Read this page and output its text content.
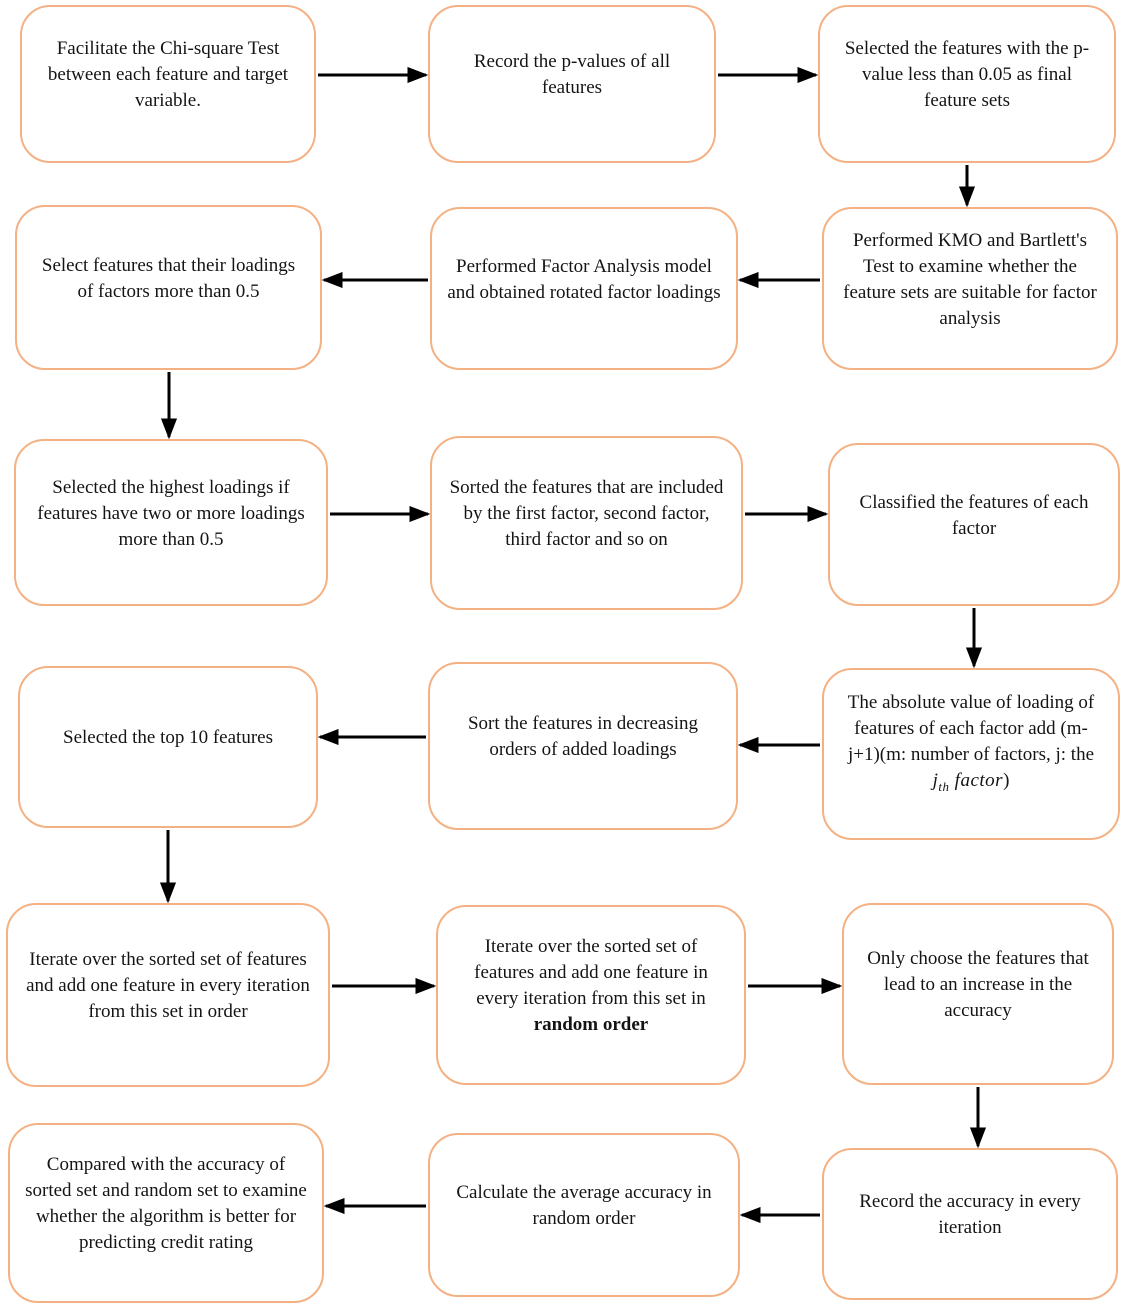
Facilitate the Chi-square Test between each feature and target variable.
Record the p-values of all features
Selected the features with the p-value less than 0.05 as final feature sets
Performed KMO and Bartlett's Test to examine whether the feature sets are suitable for factor analysis
Performed Factor Analysis model and obtained rotated factor loadings
Select features that their loadings of factors more than 0.5
Selected the highest loadings if features have two or more loadings more than 0.5
Sorted the features that are included by the first factor, second factor, third factor and so on
Classified the features of each factor
The absolute value of loading of features of each factor add (m-j+1)(m: number of factors, j: the $j_{th}$ factor)
Sort the features in decreasing orders of added loadings
Selected the top 10 features
Iterate over the sorted set of features and add one feature in every iteration from this set in order
Iterate over the sorted set of features and add one feature in every iteration from this set in random order
Only choose the features that lead to an increase in the accuracy
Record the accuracy in every iteration
Calculate the average accuracy in random order
Compared with the accuracy of sorted set and random set to examine whether the algorithm is better for predicting credit rating
